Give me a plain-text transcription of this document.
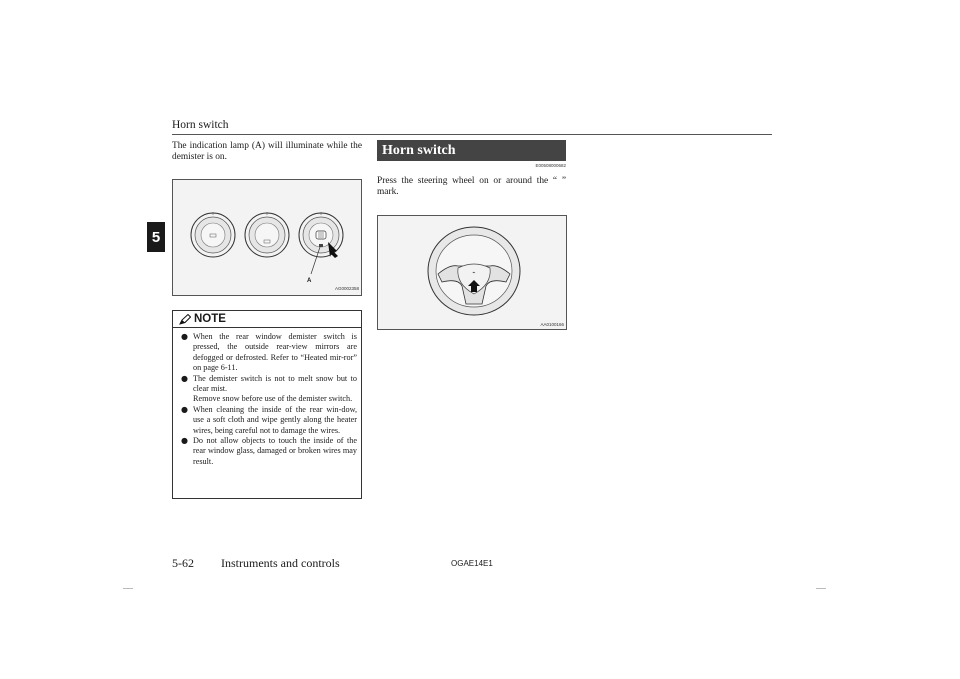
Horn switch
5
The indication lamp (A) will illuminate while the demister is on.
A
AG0002358
NOTE
● When the rear window demister switch is pressed, the outside rear-view mirrors are defogged or defrosted. Refer to “Heated mir-ror” on page 6-11.
● The demister switch is not to melt snow but to clear mist.
Remove snow before use of the demister switch.
● When cleaning the inside of the rear win-dow, use a soft cloth and wipe gently along the heater wires, being careful not to damage the wires.
● Do not allow objects to touch the inside of the rear window glass, damaged or broken wires may result.
Horn switch
E00508000682
Press the steering wheel on or around the “ ” mark.
⌁
AA0100166
5-62 Instruments and controls	OGAE14E1
